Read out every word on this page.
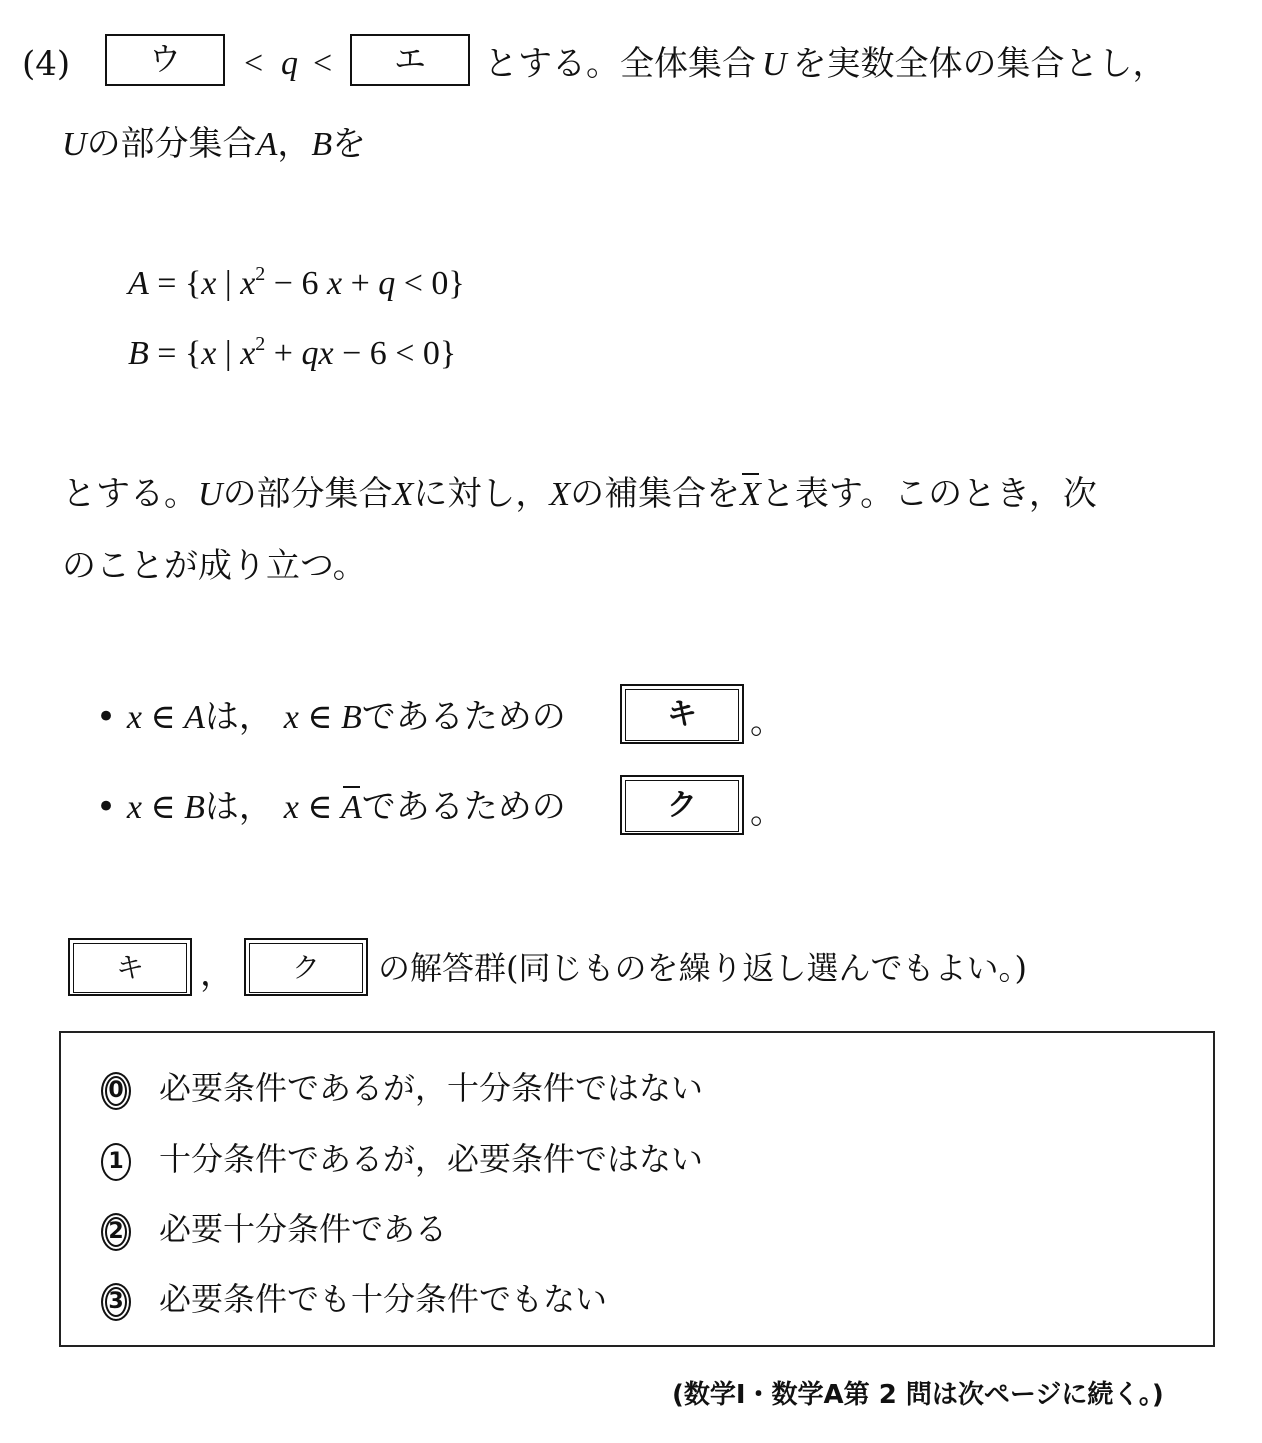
(4)	ウ	< q <	エ	とする。全体集合 U を実数全体の集合とし，
Uの部分集合A，Bを
A = {x | $x^2 - 6$ x + q < 0}
B = {x | $x^2$ + qx − 6 < 0}
とする。Uの部分集合Xに対し，Xの補集合をXと表す。このとき，次
のことが成り立つ。
• x ∈ Aは， x ∈ Bであるための	キ	。
• x ∈ Bは， x ∈ Aであるための	ク	。
キ	，	ク	の解答群(同じものを繰り返し選んでもよい。)
0 必要条件であるが，十分条件ではない
1 十分条件であるが，必要条件ではない
2 必要十分条件である
3 必要条件でも十分条件でもない
(数学Ⅰ・数学A第 2 問は次ページに続く。)
